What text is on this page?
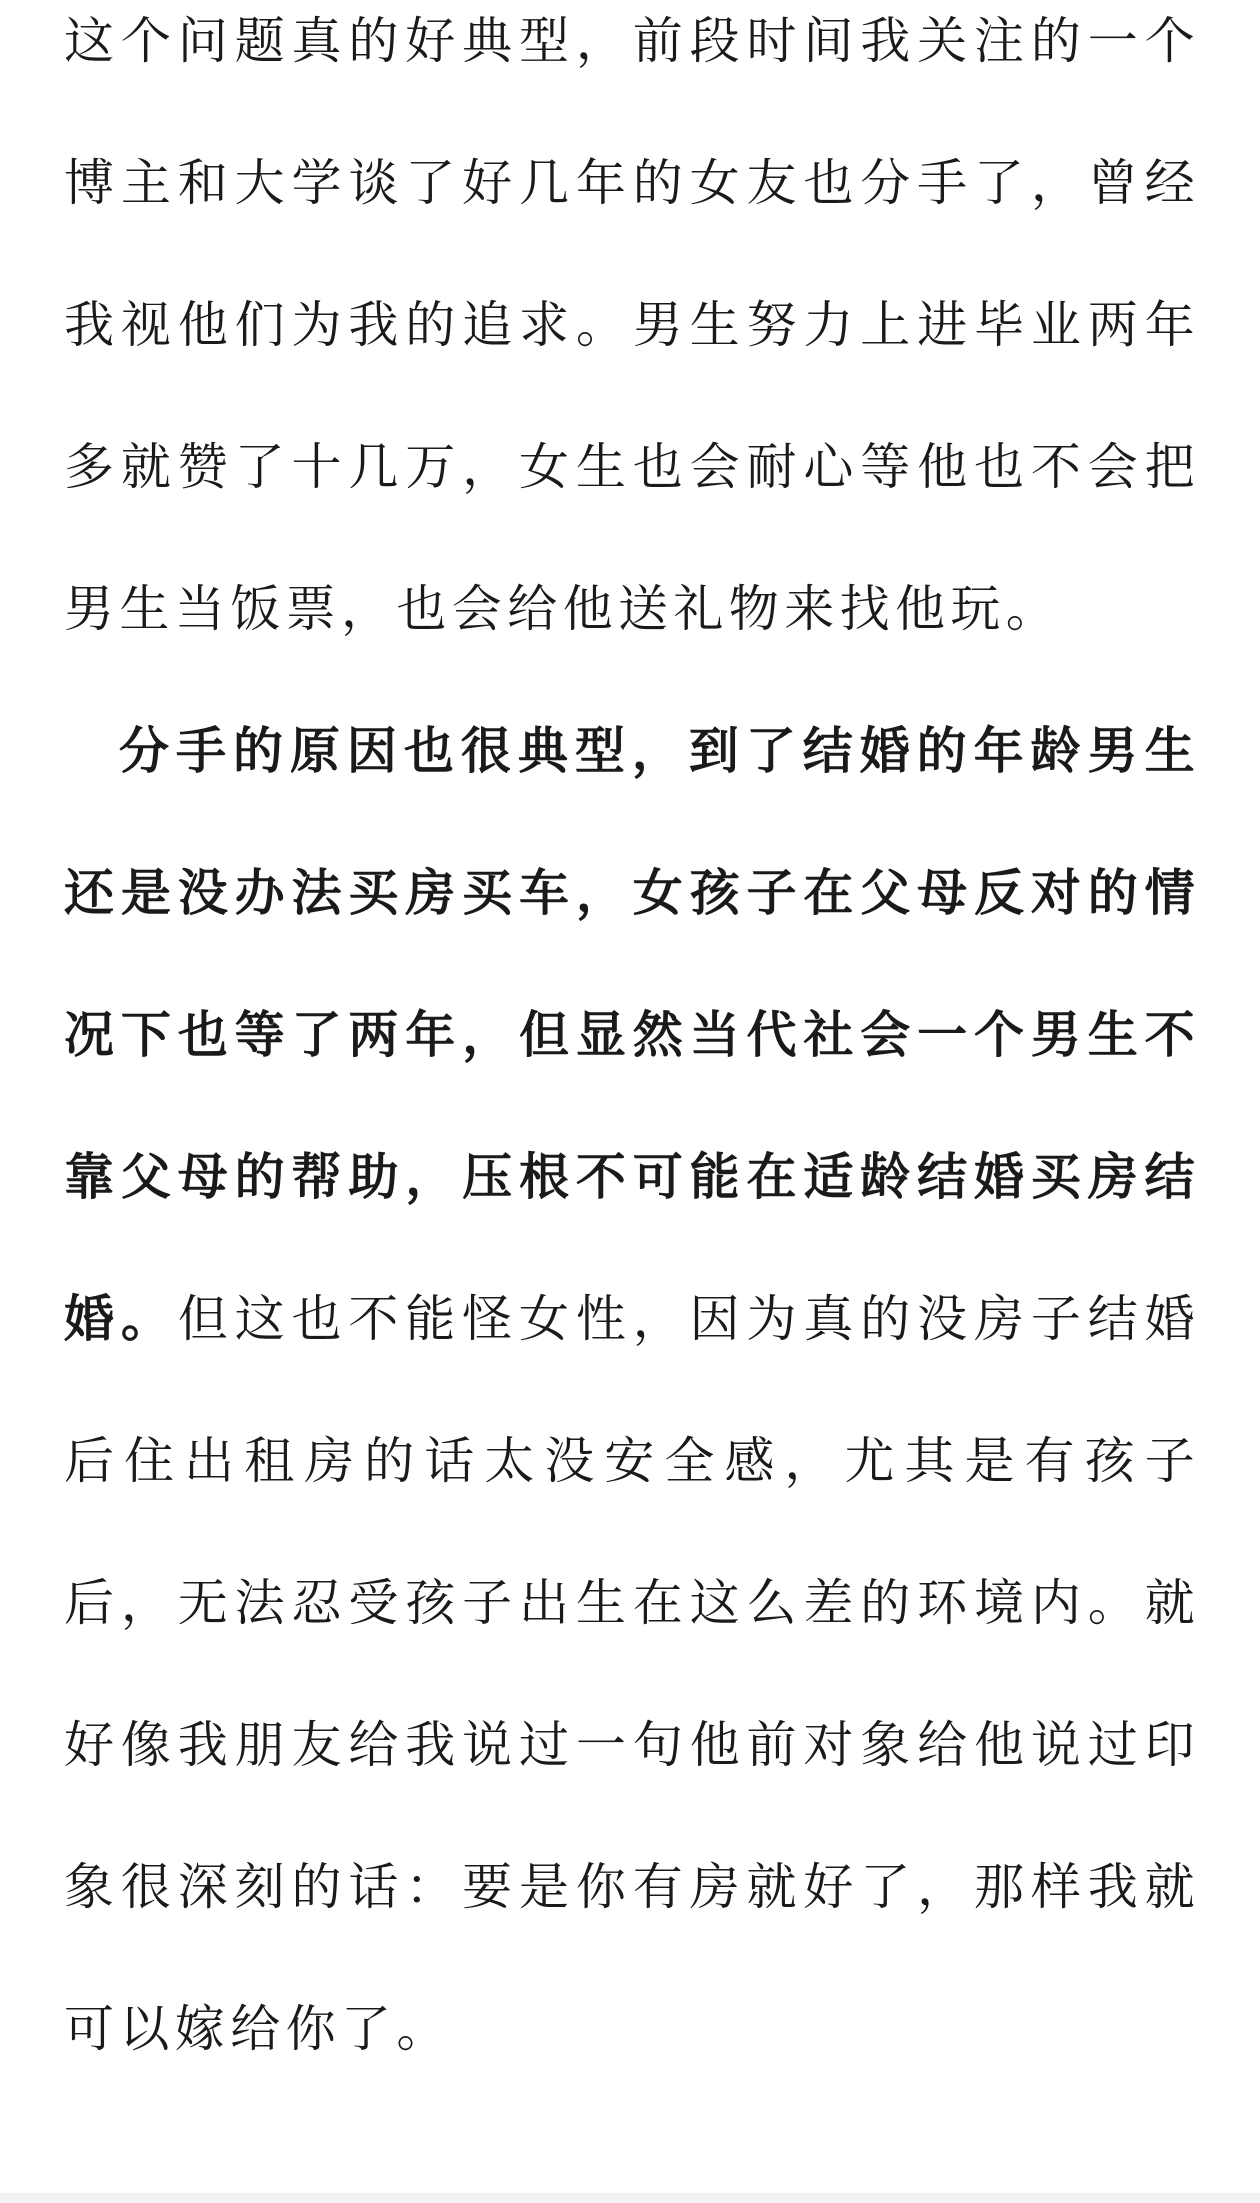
这个问题真的好典型，前段时间我关注的一个博主和大学谈了好几年的女友也分手了，曾经我视他们为我的追求。男生努力上进毕业两年多就赞了十几万，女生也会耐心等他也不会把男生当饭票，也会给他送礼物来找他玩。

分手的原因也很典型，到了结婚的年龄男生还是没办法买房买车，女孩子在父母反对的情况下也等了两年，但显然当代社会一个男生不靠父母的帮助，压根不可能在适龄结婚买房结婚。但这也不能怪女性，因为真的没房子结婚后住出租房的话太没安全感，尤其是有孩子后，无法忍受孩子出生在这么差的环境内。就好像我朋友给我说过一句他前对象给他说过印象很深刻的话：要是你有房就好了，那样我就可以嫁给你了。
